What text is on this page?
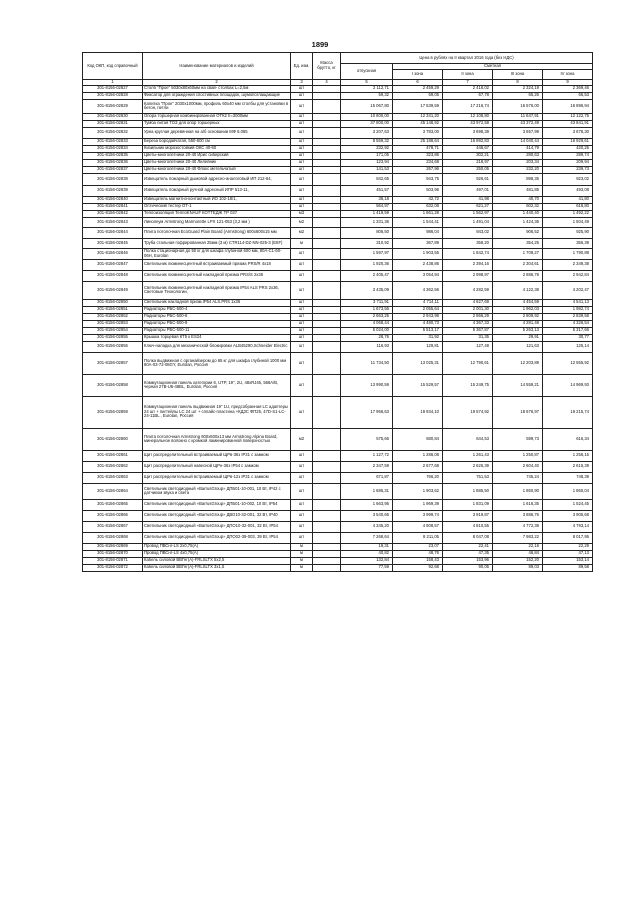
1899
Код ОКП, код справочный	Наименование материалов и изделий	Ед. изм.	Масса брутто, кг	Цена в рублях на II квартал 2016 года (без НДС)				
				отпускная	Сметная			
					I зона	II зона	III зона	IV зона

1	2	3	4	5	6	7	8	9
301-8156-02827	Столб "Прое" 5030х80х60мм на свай- столбах L=2,5м	шт		2 112,71	2 459,29	2 416,02	2 324,19	2 369,46
301-8156-02828	Фиксатор для ограждения спостивных площадок, шумопоглащающие	шт		59,32	69,05	67,78	65,26	66,53
301-8156-02829	Калитка "Прое" 2030х1000мм, профиль 60х40 мм столбы для установки в бетон, петли	шт		15 067,80	17 539,59	17 216,74	16 576,00	16 896,94
301-8156-02830	Опора торшерная комбинированная ОТК2 h=3000мм	шт		10 600,00	12 341,20	12 108,80	11 647,91	12 122,75
301-8156-02831	Тумба литая ТОЗ для опор торшерных	шт		37 800,00	45 148,92	43 972,58	43 372,49	43 841,91
301-8156-02832	Урна круглая деревянная на а/б основании МФ 6.065	шт		3 207,63	3 783,00	3 698,39	3 657,99	3 678,30
301-8156-02833	Береза бородавчатая, 550-600 см	шт		8 559,32	25 188,64	16 892,83	14 040,44	16 929,61
301-8156-02834	Кизильник морозостойкий ОКС 40-60	шт		232,92	478,71	446,67	414,79	420,25
301-8156-02835	Цветы-многолетники 20-40 Ирис сибирский	шт		171,05	323,86	302,21	280,63	289,74
301-8156-02836	Цветы-многолетники 20-40 Лилейник	шт		123,94	234,68	218,97	203,34	209,94
301-8156-02837	Цветы-многолетники 20-40 Флокс метельчатый	шт		141,53	267,96	250,05	232,20	239,73
301-8156-02838	Извещатель пожарный дымовой адресно-аналоговый ИП 212-64,	шт		842,65	943,75	926,61	898,35	923,02
301-8156-02839	Извещатель пожарный ручной адресный ИПР 513-11,	шт		451,57	503,96	497,01	481,85	493,08
301-8156-02840	Извещатель магнитно-контактный ИО 102-18/1,	шт		38,18	42,72	41,98	40,70	41,80
301-8156-02841	Оптический тестер ОТ-1	шт		564,97	632,08	621,27	602,32	618,80
301-8156-02842	Теплоизоляция ТеплоKNAUF КОТТЕДЖ ТР 037	м3		1 419,59	1 661,28	1 562,97	1 440,40	1 492,22
301-8156-02843	Линолеум Armstrong Marmorette LPX 121-053 (3,2 мм )	м2		1 331,36	1 544,41	1 491,04	1 424,36	1 504,49
301-8156-02844	Плита потолочная EcoGuard Plain Board (Armstrong) 600х600х15 мм	м2		806,50	986,04	943,02	906,52	925,90
301-8156-02845	Труба стальная гофрированная 25мм (3 м) CTR114-DZ-NN-025-3 (ЕКF)	м		310,92	367,89	358,20	354,25	356,39
301-8156-02846	Полка стационарная до 50 кг для шкафа глубиной 600 мм, 80А-С1-60-06Н, Eurolan	шт		1 597,97	1 903,55	1 842,74	1 709,27	1 790,88
301-8156-02847	Светильник люминесцентный встраиваемый призма PRS/R 4х18	шт		1 920,36	2 438,86	2 394,16	2 304,61	2 349,38
301-8156-02848	Светильник люминесцентный накладной призма PRS/S 2х36	шт		2 405,47	3 054,94	2 998,97	2 886,78	2 942,84
301-8156-02849	Светильник люминесцентный накладной призма IP54 ALS PRS 2х36, Световые Технологии,	шт		3 435,09	4 362,56	4 282,59	4 122,38	4 202,47
301-8156-02850	Светильник накладной призм.IP54 ALS.PRS 1х36	шт		3 711,91	4 714,11	4 627,69	4 454,59	4 541,13
301-8156-02851	Радиаторы РБС-500-4	шт		1 673,55	2 055,64	2 001,30	1 962,03	1 982,74
301-8156-02852	Радиаторы РБС-500-6	шт		2 663,25	2 943,98	2 866,29	2 809,92	2 839,58
301-8156-02853	Радиаторы РБС-500-9	шт		4 068,44	4 480,73	4 367,33	4 281,48	4 326,54
301-8156-02854	Радиаторы РБС-500-11	шт		5 024,00	5 513,17	5 367,87	5 263,13	5 317,66
301-8156-02855	Крышка торцевая КТ5 к ES24	шт		28,76	31,92	31,35	29,91	30,77
301-8156-02856	Ключ-наладка для механической блокировки ALB45290,Schneider Electric	шт		116,93	129,81	127,48	121,63	125,14
301-8156-02857	Полка выдвижная с органайзером до 65 кг для шкафа глубиной 1000 мм 80А-03-72-08GY, Eurolan, Россия	шт		11 734,50	13 025,31	12 790,61	12 203,89	12 555,92
301-8156-02858	Коммутационная панель категории 6, UTP, 19", 2U, 48xRJ45, 568A/B, черная 27B-U6-48BL, Eurolan, Россия	шт		13 990,59	15 529,57	15 249,75	14 559,21	14 969,93
301-8156-02859	Коммутационная панель выдвижная 19" 1U, предсобранная LC адаптеры 24 шт + пигтейлы LC 24 шт + сплайс-пластина +КДЗС ФП25, 47D-S1-LC-24-11BL , Eurolan, Россия	шт		17 956,63	19 934,10	19 574,92	18 676,97	19 215,74
301-8156-02860	Плита потолочная Armstrong 600х600х13 мм Armstrong Alpina Board, минеральное волокно с кромкой ламинированной поверхностью	м2		575,66	680,84	644,53	599,73	616,34
301-8156-02861	Щит распределительный встраиваемый ЩРв-36з IP31 с замком	шт		1 127,72	1 286,08	1 261,43	1 250,87	1 256,15
301-8156-02862	Щит распределительный навесной ЩРн-36з IP54 с замком	шт		2 347,59	2 677,68	2 626,39	2 604,40	2 615,39
301-8156-02863	Щит распределительный встраиваемый ЩРв-12з IP31 с замком	шт		671,87	766,20	751,53	745,24	748,39
301-8156-02864	Светильник светодиодный «BarrusGroup» ДПБ01-10-001, 10 Вт, IP42 с датчиком звука и света	шт		1 685,31	1 903,62	1 885,50	1 860,90	1 860,04
301-8156-02865	Светильник светодиодный «BarrusGroup» ДПБ01-10-002, 10 Вт, IP54	шт		1 663,95	1 969,39	1 831,09	1 616,35	1 524,45
301-8156-02866	Светильник светодиодный «BarrusGroup» ДВО10-32-001, 32 Вт, IP40	шт		3 540,66	3 999,74	3 919,87	3 886,76	3 905,68
301-8156-02867	Светильник светодиодный «BarrusGroup» ДПО10-32-001, 32 Вт, IP54	шт		4 345,20	4 908,57	4 810,55	4 772,38	4 793,14
301-8156-02868	Светильник светодиодный «BarrusGroup» ДПО02-39-003, 39 Вт, IP54	шт		7 268,64	8 211,05	8 047,08	7 983,22	8 017,95
301-8156-02869	Провод ПВСнг-LS 2х0,75(А)	м		19,31	23,07	22,41	22,16	22,29
301-8156-02870	Провод ПВСнг-LS 4х0,75(А)	м		40,82	48,76	47,35	46,84	47,13
301-8156-02871	Кабель силовой ВВГнг(А)-FRLSLTX 5х2,5	м		132,84	158,43	153,96	152,20	153,14
301-8156-02872	Кабель силовой ВВГнг(А)-FRLSLTX 3х1,5	м		77,59	92,68	90,05	89,03	89,58
